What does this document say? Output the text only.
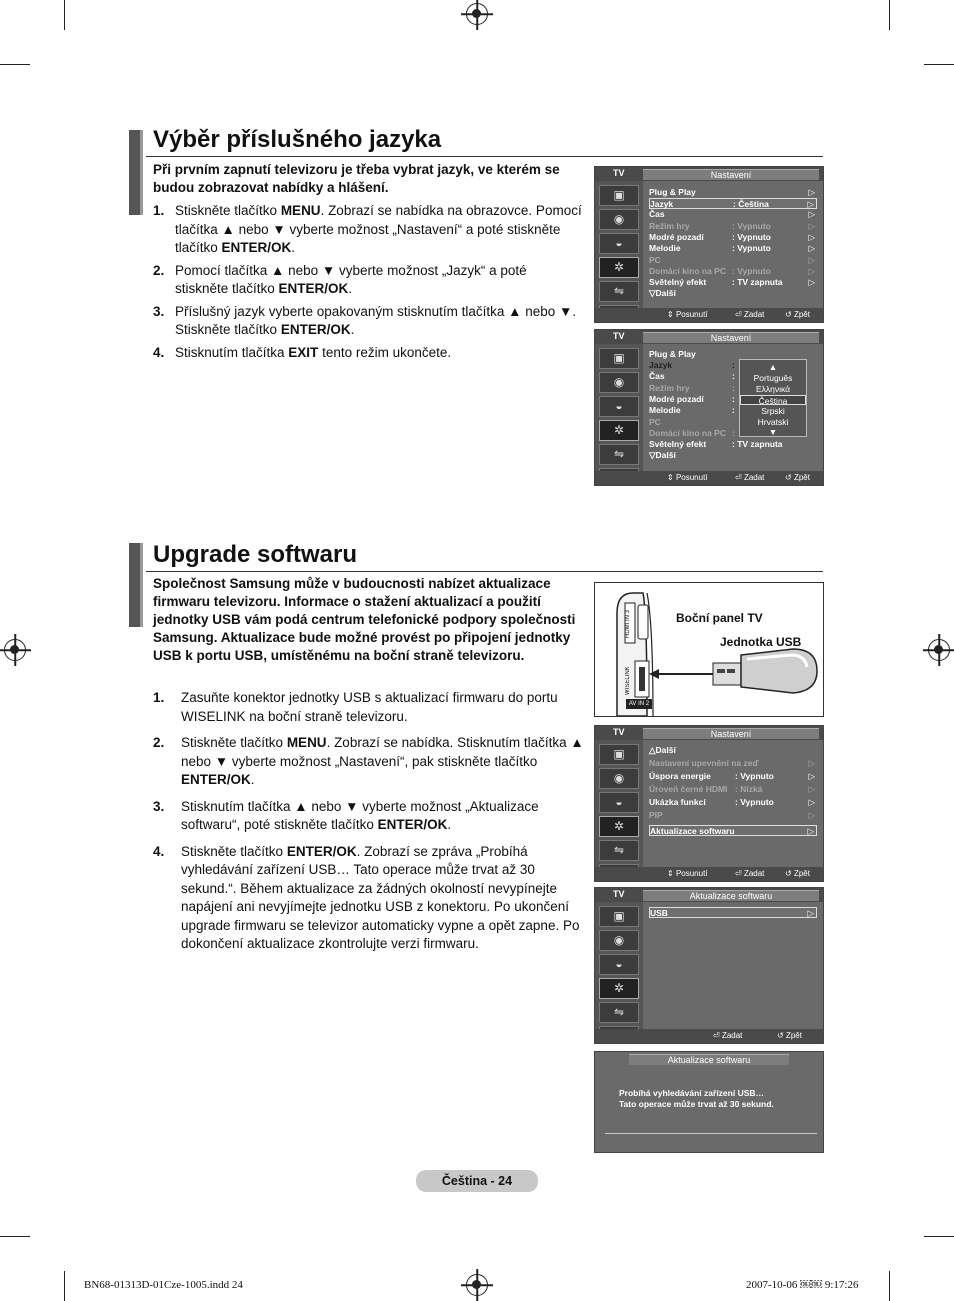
Výběr příslušného jazyka
Při prvním zapnutí televizoru je třeba vybrat jazyk, ve kterém se budou zobrazovat nabídky a hlášení.
1. Stiskněte tlačítko MENU. Zobrazí se nabídka na obrazovce. Pomocí tlačítka ▲ nebo ▼ vyberte možnost „Nastavení“ a poté stiskněte tlačítko ENTER/OK.
2. Pomocí tlačítka ▲ nebo ▼ vyberte možnost „Jazyk“ a poté stiskněte tlačítko ENTER/OK.
3. Příslušný jazyk vyberte opakovaným stisknutím tlačítka ▲ nebo ▼. Stiskněte tlačítko ENTER/OK.
4. Stisknutím tlačítka EXIT tento režim ukončete.
TV	Nastavení
▣
◉
◒
✲
⇋
Plug & Play	▷
Jazyk	: Čeština	▷
Čas	▷
Režim hry	: Vypnuto	▷
Modré pozadí	: Vypnuto	▷
Melodie	: Vypnuto	▷
PC	▷
Domácí kino na PC : Vypnuto	▷
Světelný efekt	: TV zapnuta	▷
▽Další
⇕ Posunutí	⏎ Zadat	↺ Zpět
TV	Nastavení
▣
◉
◒
✲
⇋
Plug & Play
Jazyk	:
Čas	:
Režim hry	:
Modré pozadí	:
Melodie	:
PC
Domácí kino na PC :
Světelný efekt	: TV zapnuta
▽Další
▲
Português
Ελληνικά
Čeština
Srpski
Hrvatski
▼
⇕ Posunutí	⏎ Zadat	↺ Zpět
Upgrade softwaru
Společnost Samsung může v budoucnosti nabízet aktualizace firmwaru televizoru. Informace o stažení aktualizací a použití jednotky USB vám podá centrum telefonické podpory společnosti Samsung. Aktualizace bude možné provést po připojení jednotky USB k portu USB, umístěnému na boční straně televizoru.
1. Zasuňte konektor jednotky USB s aktualizací firmwaru do portu WISELINK na boční straně televizoru.
2. Stiskněte tlačítko MENU. Zobrazí se nabídka. Stisknutím tlačítka ▲ nebo ▼ vyberte možnost „Nastavení“, pak stiskněte tlačítko ENTER/OK.
3. Stisknutím tlačítka ▲ nebo ▼ vyberte možnost „Aktualizace softwaru“, poté stiskněte tlačítko ENTER/OK.
4. Stiskněte tlačítko ENTER/OK. Zobrazí se zpráva „Probíhá vyhledávání zařízení USB… Tato operace může trvat až 30 sekund.“. Během aktualizace za žádných okolností nevypínejte napájení ani nevyjímejte jednotku USB z konektoru. Po ukončení upgrade firmwaru se televizor automaticky vypne a opět zapne. Po dokončení aktualizace zkontrolujte verzi firmwaru.
HDMI IN 3
WISELINK
AV IN 2
Boční panel TV
Jednotka USB
TV	Nastavení
▣
◉
◒
✲
⇋
△Další
Nastavení upevnění na zeď	▷
Úspora energie	: Vypnuto	▷
Úroveň černé HDMI : Nízká	▷
Ukázka funkcí	: Vypnuto	▷
PIP	▷
Aktualizace softwaru	▷
⇕ Posunutí	⏎ Zadat	↺ Zpět
TV	Aktualizace softwaru
▣
◉
◒
✲
⇋
USB	▷
⏎ Zadat	↺ Zpět
Aktualizace softwaru
Probíhá vyhledávání zařízení USB…
Tato operace může trvat až 30 sekund.
Čeština - 24
BN68-01313D-01Cze-1005.indd 24	2007-10-06 ￼￼ 9:17:26
